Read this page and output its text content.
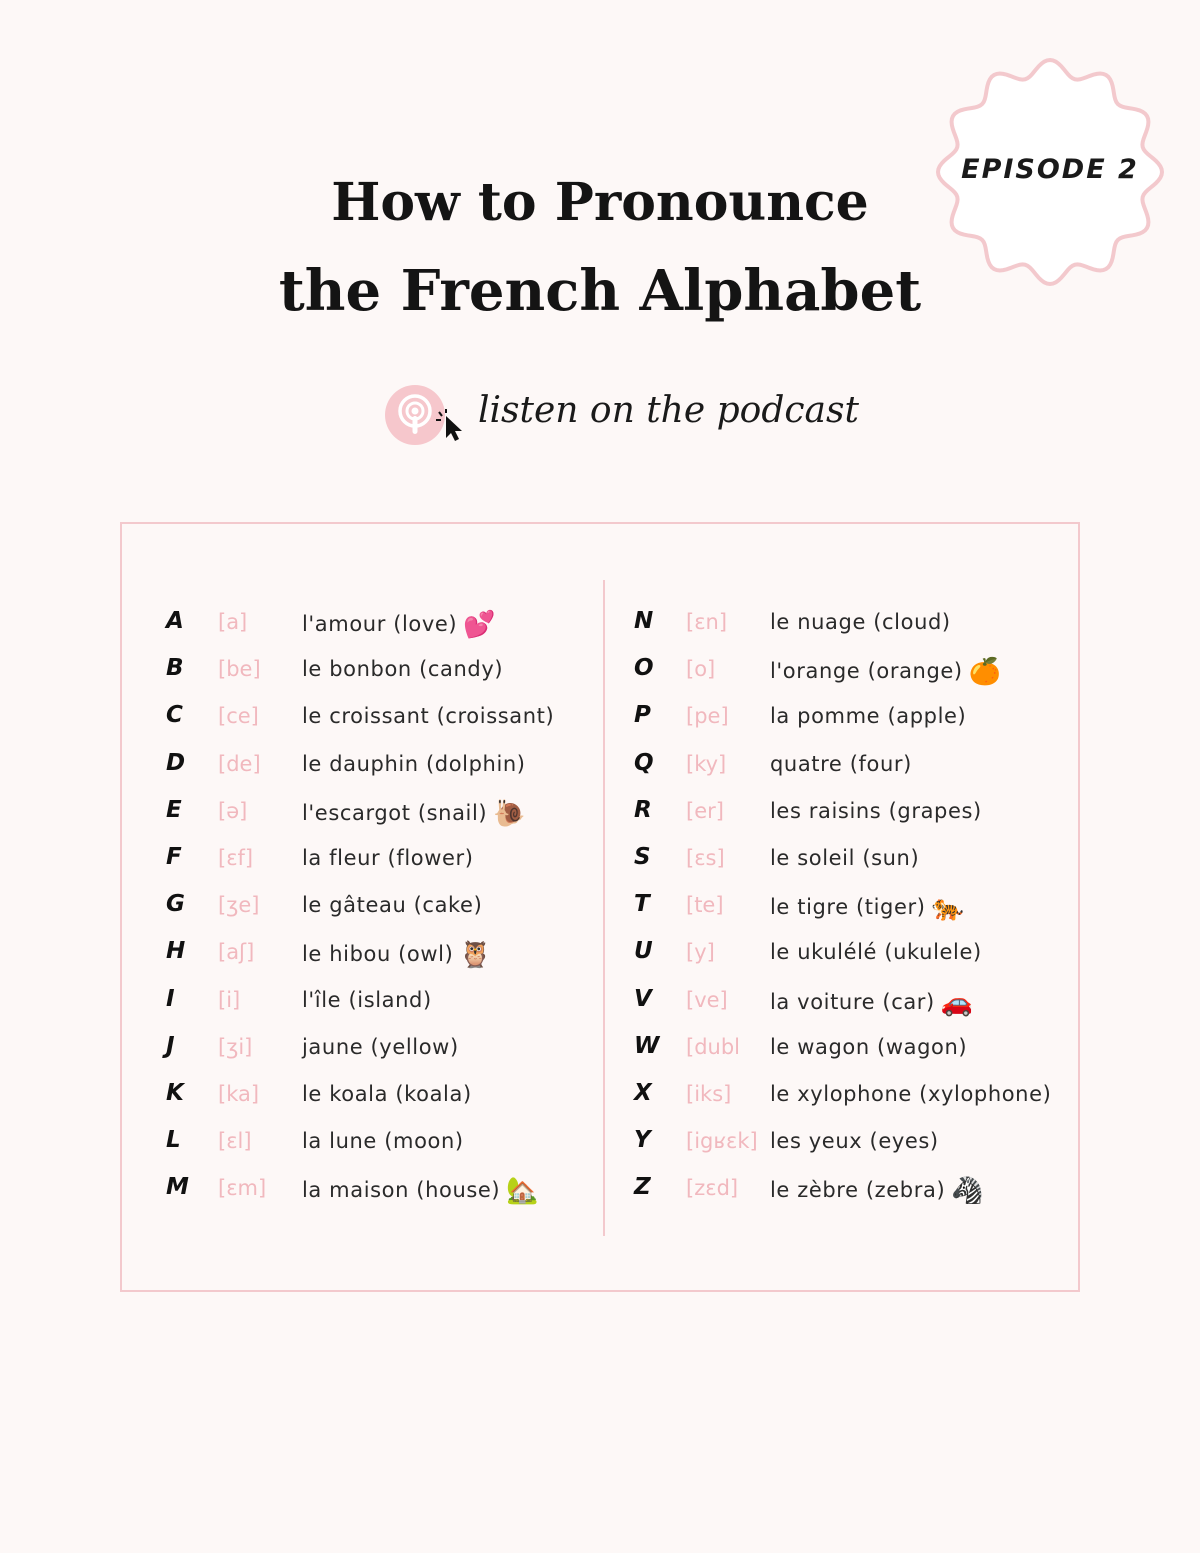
EPISODE 2
How to Pronounce
the French Alphabet
listen on the podcast
A	[a]	l'amour (love) 💕
B	[be] le bonbon (candy)
C	[ce] le croissant (croissant)
D	[de] le dauphin (dolphin)
E	[ə]	l'escargot (snail) 🐌
F	[ɛf] la fleur (flower)
G	[ʒe] le gâteau (cake)
H	[aʃ] le hibou (owl) 🦉
I	[i]	l'île (island)
J	[ʒi] jaune (yellow)
K	[ka] le koala (koala)
L	[ɛl] la lune (moon)
M	[ɛm] la maison (house) 🏡
N	[ɛn] le nuage (cloud)
O	[o]	l'orange (orange) 🍊
P	[pe] la pomme (apple)
Q	[ky] quatre (four)
R	[er] les raisins (grapes)
S	[ɛs] le soleil (sun)
T	[te] le tigre (tiger) 🐅
U	[y]	le ukulélé (ukulele)
V	[ve] la voiture (car) 🚗
W	[dubl le wagon (wagon)
X	[iks] le xylophone (xylophone)
Y	[igʁɛk] les yeux (eyes)
Z	[zɛd] le zèbre (zebra) 🦓
